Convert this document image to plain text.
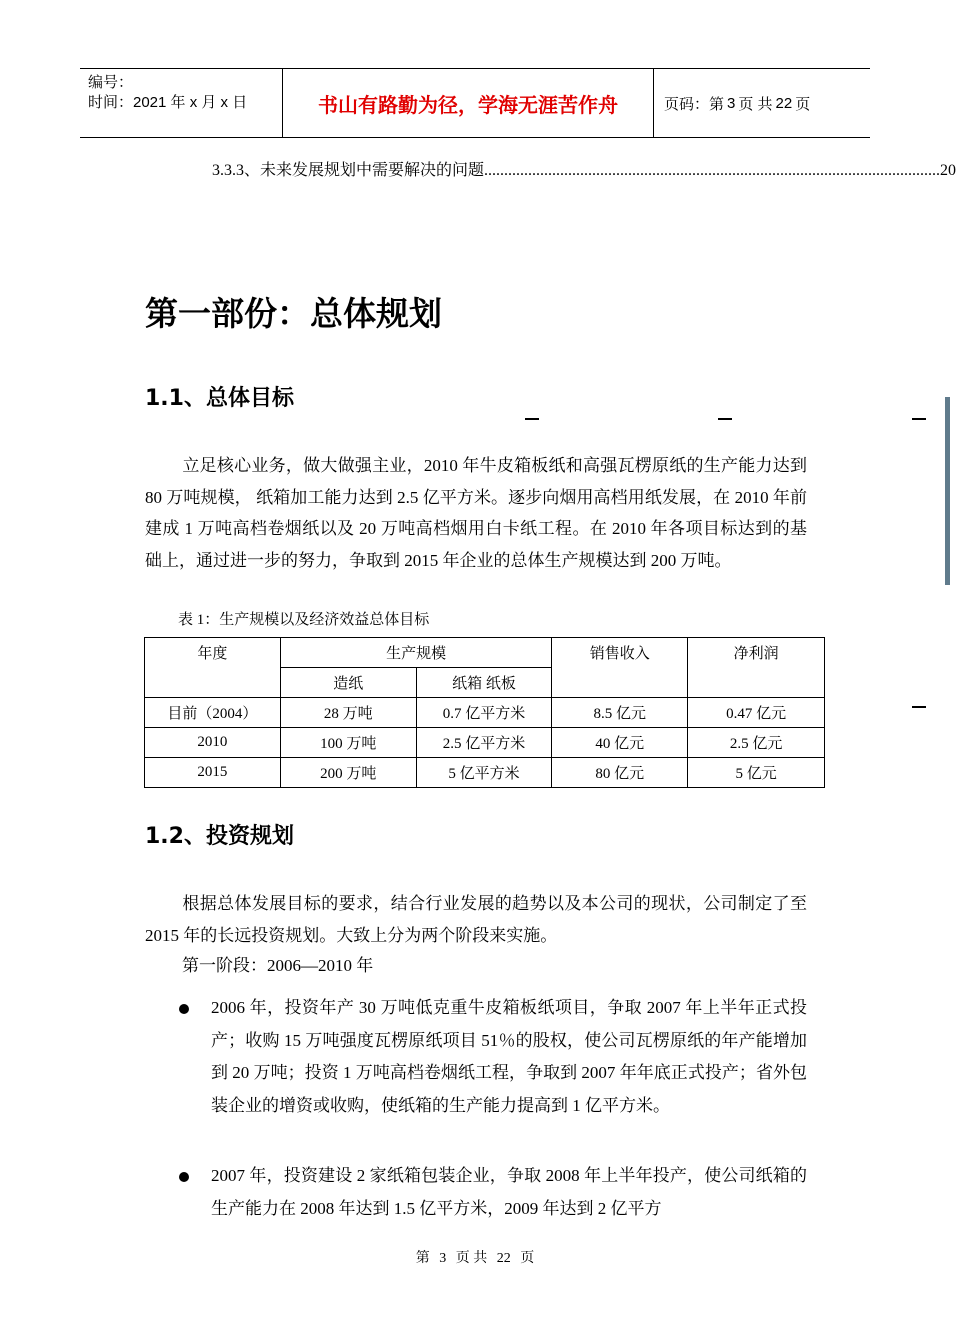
编号：
时间：2021 年 x 月 x 日	书山有路勤为径，学海无涯苦作舟	页码：第 3 页 共 22 页
3.3.3、未来发展规划中需要解决的问题 .................................................................................................................. 20
第一部份：总体规划
1.1、总体目标
立足核心业务，做大做强主业，2010 年牛皮箱板纸和高强瓦楞原纸的生产能力达到 80 万吨规模， 纸箱加工能力达到 2.5 亿平方米。逐步向烟用高档用纸发展，在 2010 年前建成 1 万吨高档卷烟纸以及 20 万吨高档烟用白卡纸工程。在 2010 年各项目标达到的基础上，通过进一步的努力，争取到 2015 年企业的总体生产规模达到 200 万吨。
表 1：生产规模以及经济效益总体目标
年度	生产规模		销售收入	净利润
	造纸	纸箱 纸板		
目前（2004）	28 万吨	0.7 亿平方米	8.5 亿元	0.47 亿元
2010	100 万吨	2.5 亿平方米	40 亿元	2.5 亿元
2015	200 万吨	5 亿平方米	80 亿元	5 亿元
1.2、投资规划
根据总体发展目标的要求，结合行业发展的趋势以及本公司的现状，公司制定了至 2015 年的长远投资规划。大致上分为两个阶段来实施。
第一阶段：2006—2010 年
2006 年，投资年产 30 万吨低克重牛皮箱板纸项目，争取 2007 年上半年正式投产；收购 15 万吨强度瓦楞原纸项目 51％的股权，使公司瓦楞原纸的年产能增加到 20 万吨；投资 1 万吨高档卷烟纸工程，争取到 2007 年年底正式投产；省外包装企业的增资或收购，使纸箱的生产能力提高到 1 亿平方米。
2007 年，投资建设 2 家纸箱包装企业，争取 2008 年上半年投产，使公司纸箱的生产能力在 2008 年达到 1.5 亿平方米，2009 年达到 2 亿平方
第 3 页 共 22 页
